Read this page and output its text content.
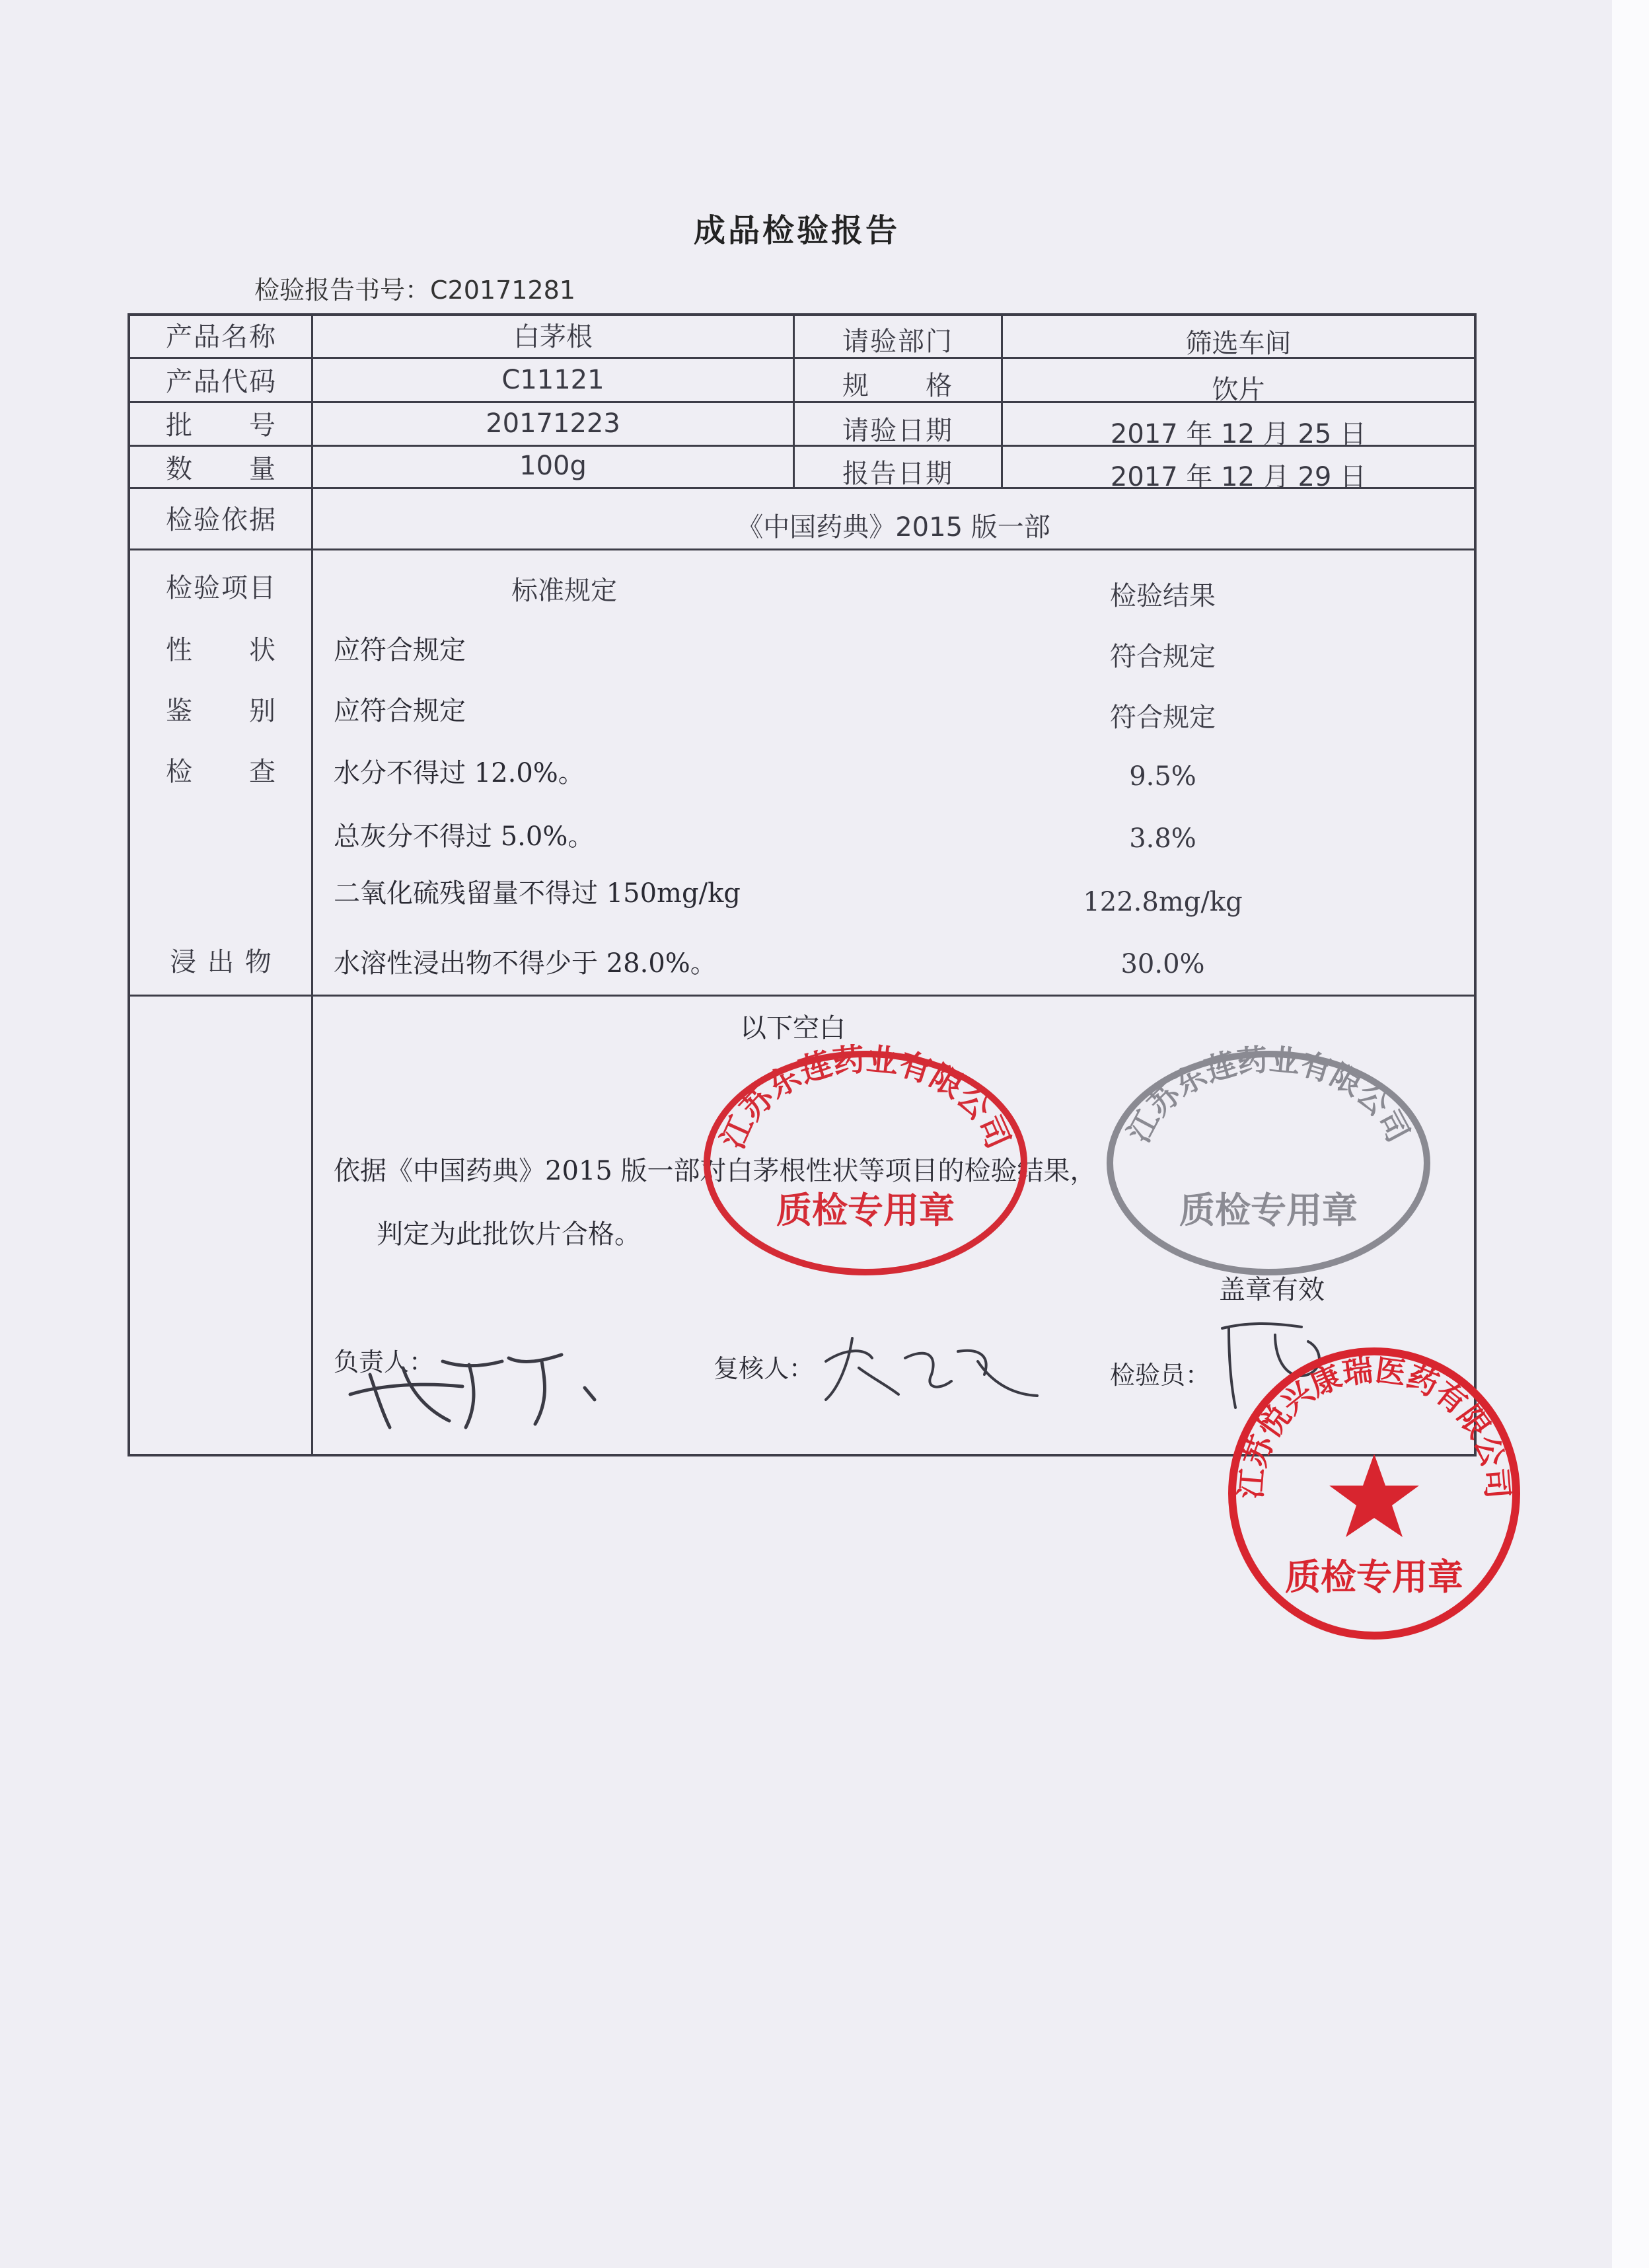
成品检验报告
检验报告书号：C20171281
产品名称	白茅根	请验部门	筛选车间
产品代码	C11121	规　　格	饮片
批　　号	20171223	请验日期	2017 年 12 月 25 日
数　　量	100g	报告日期	2017 年 12 月 29 日
检验依据	《中国药典》2015 版一部
检验项目	标准规定	检验结果
性　　状	应符合规定	符合规定
鉴　　别	应符合规定	符合规定
检　　查	水分不得过 12.0%。	9.5%
总灰分不得过 5.0%。	3.8%
二氧化硫残留量不得过 150mg/kg	122.8mg/kg
浸 出 物	水溶性浸出物不得少于 28.0%。	30.0%
以下空白
依据《中国药典》2015 版一部对白茅根性状等项目的检验结果，
判定为此批饮片合格。
盖章有效
负责人：	复核人：	检验员：
江苏东莲药业有限公司
质检专用章
江苏东莲药业有限公司
质检专用章
江苏悦兴康瑞医药有限公司
质检专用章
